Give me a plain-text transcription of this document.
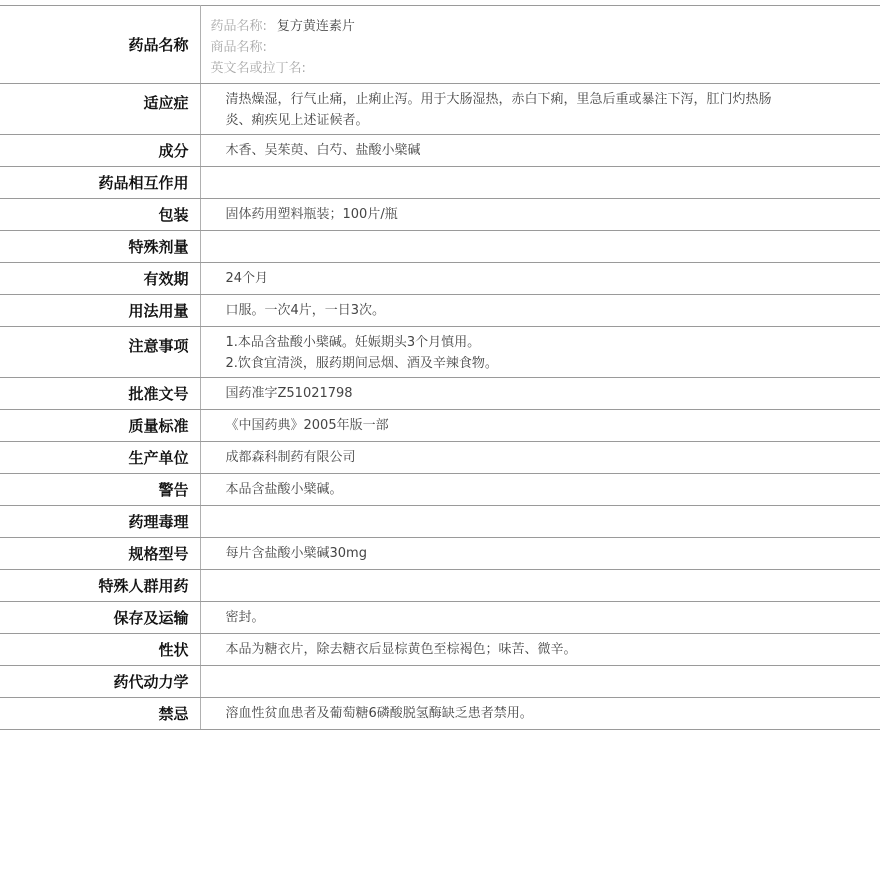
药品名称	药品名称: 复方黄连素片
商品名称:
英文名或拉丁名:

适应症	清热燥湿，行气止痛，止痢止泻。用于大肠湿热，赤白下痢，里急后重或暴注下泻，肛门灼热肠炎、痢疾见上述证候者。

成分	木香、吴茱萸、白芍、盐酸小檗碱

药品相互作用	

包装	固体药用塑料瓶装；100片/瓶

特殊剂量	

有效期	24个月

用法用量	口服。一次4片，一日3次。

注意事项	1.本品含盐酸小檗碱。妊娠期头3个月慎用。
2.饮食宜清淡，服药期间忌烟、酒及辛辣食物。

批准文号	国药准字Z51021798

质量标准	《中国药典》2005年版一部

生产单位	成都森科制药有限公司

警告	本品含盐酸小檗碱。

药理毒理	

规格型号	每片含盐酸小檗碱30mg

特殊人群用药	

保存及运输	密封。

性状	本品为糖衣片，除去糖衣后显棕黄色至棕褐色；味苦、微辛。

药代动力学	

禁忌	溶血性贫血患者及葡萄糖6磷酸脱氢酶缺乏患者禁用。
